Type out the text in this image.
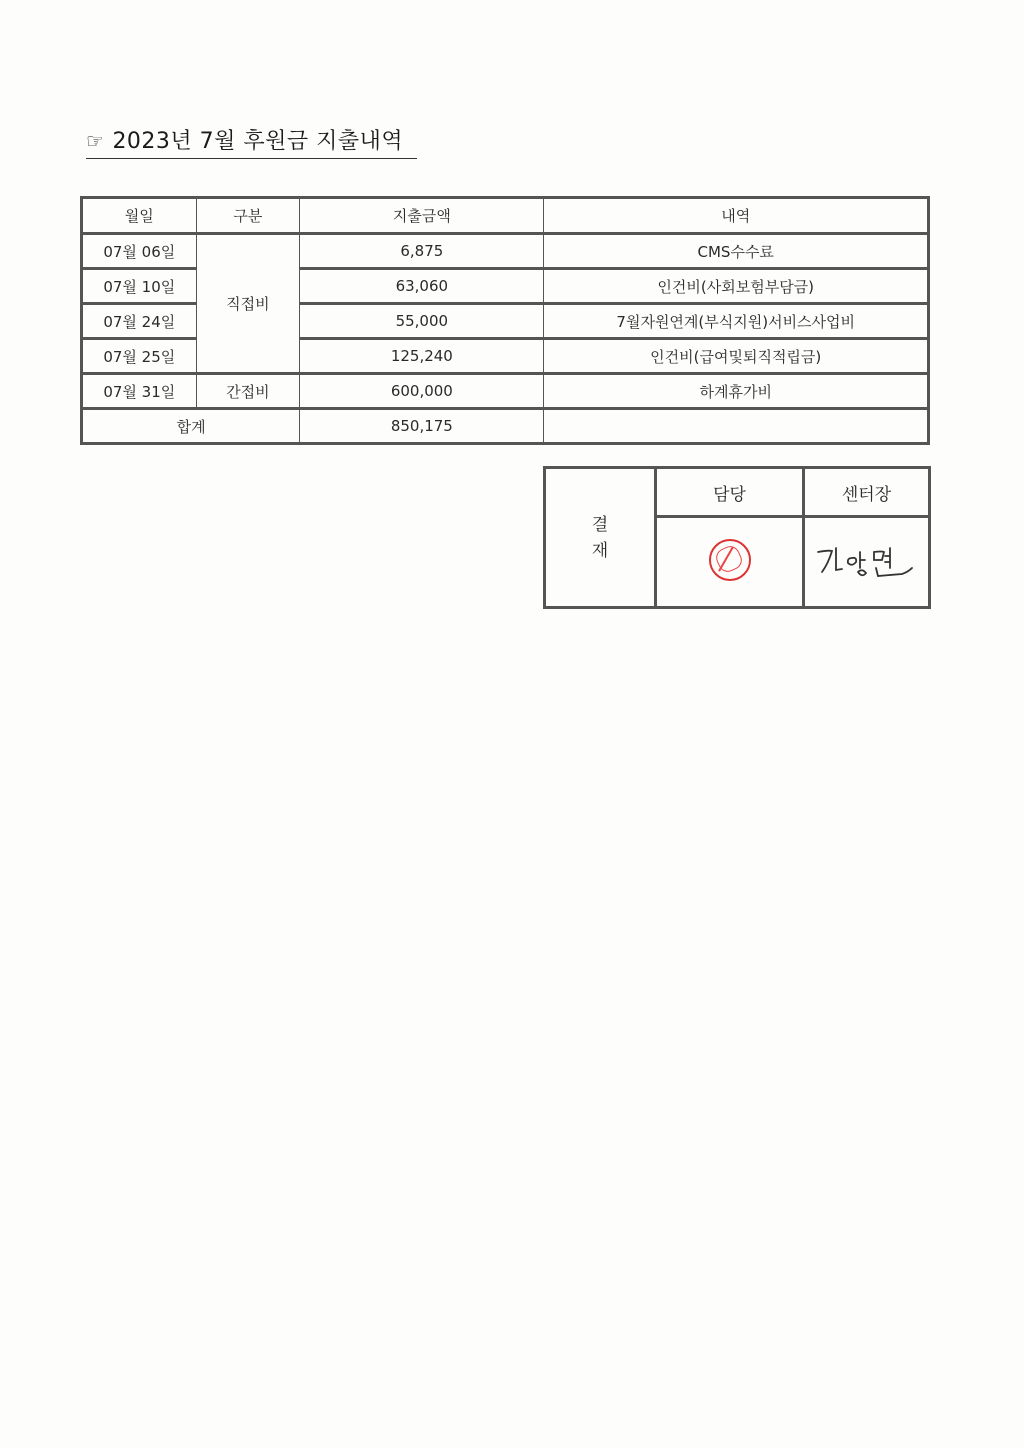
☞ 2023년 7월 후원금 지출내역
월일	구분	지출금액	내역
07월 06일	직접비	6,875	CMS수수료
07월 10일		63,060	인건비(사회보험부담금)
07월 24일		55,000	7월자원연계(부식지원)서비스사업비
07월 25일		125,240	인건비(급여및퇴직적립금)
07월 31일	간접비	600,000	하계휴가비
합계		850,175	
결
재	담당	센터장
